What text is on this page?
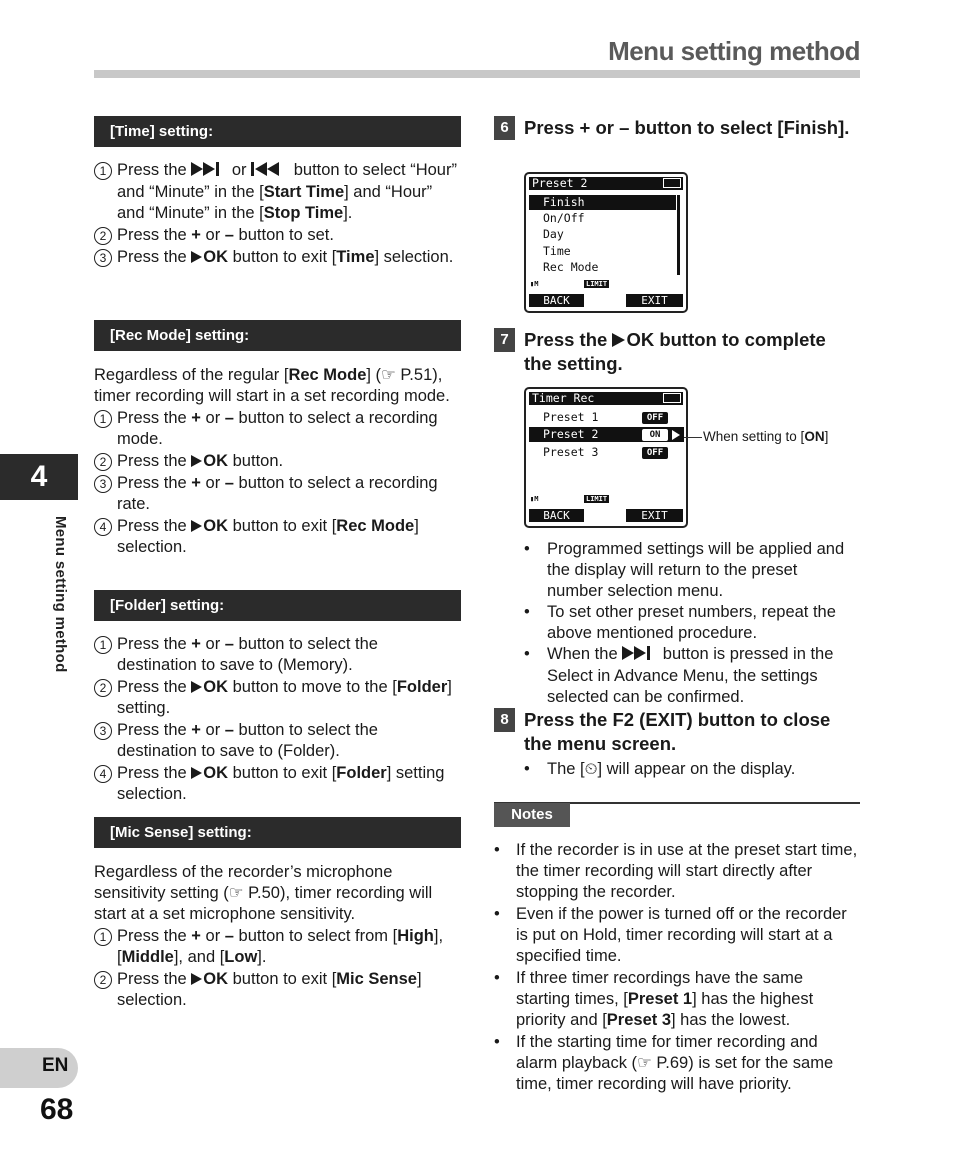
Menu setting method
4
Menu setting method
EN
68
[Time] setting:
1 Press the  or  button to select “Hour” and “Minute” in the [Start Time] and “Hour” and “Minute” in the [Stop Time].
2 Press the + or – button to set.
3 Press the OK button to exit [Time] selection.
[Rec Mode] setting:
Regardless of the regular [Rec Mode] (☞ P.51), timer recording will start in a set recording mode.
1 Press the + or – button to select a recording mode.
2 Press the OK button.
3 Press the + or – button to select a recording rate.
4 Press the OK button to exit [Rec Mode] selection.
[Folder] setting:
1 Press the + or – button to select the destination to save to (Memory).
2 Press the OK button to move to the [Folder] setting.
3 Press the + or – button to select the destination to save to (Folder).
4 Press the OK button to exit [Folder] setting selection.
[Mic Sense] setting:
Regardless of the recorder’s microphone sensitivity setting (☞ P.50), timer recording will start at a set microphone sensitivity.
1 Press the + or – button to select from [High], [Middle], and [Low].
2 Press the OK button to exit [Mic Sense] selection.
6 Press + or – button to select [Finish].
Preset 2
Finish
On/Off
Day
Time
Rec Mode
▮M	LIMIT
BACK	EXIT
7 Press the OK button to complete the setting.
Timer Rec
Preset 1	OFF
Preset 2	ON
Preset 3	OFF
▮M	LIMIT
BACK	EXIT
When setting to [ON]
• Programmed settings will be applied and the display will return to the preset number selection menu.
• To set other preset numbers, repeat the above mentioned procedure.
• When the  button is pressed in the Select in Advance Menu, the settings selected can be confirmed.
8 Press the F2 (EXIT) button to close the menu screen.
• The [⏲] will appear on the display.
Notes
• If the recorder is in use at the preset start time, the timer recording will start directly after stopping the recorder.
• Even if the power is turned off or the recorder is put on Hold, timer recording will start at a specified time.
• If three timer recordings have the same starting times, [Preset 1] has the highest priority and [Preset 3] has the lowest.
• If the starting time for timer recording and alarm playback (☞ P.69) is set for the same time, timer recording will have priority.
